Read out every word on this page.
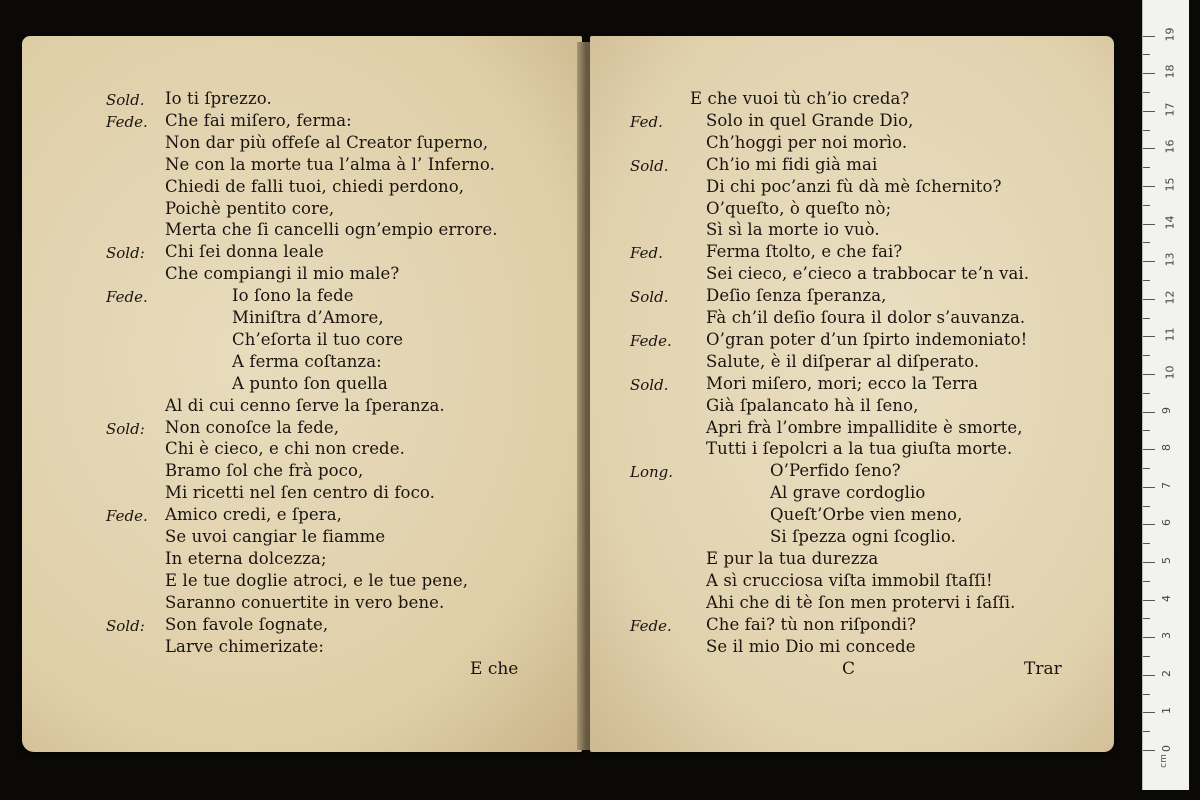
Sold. Io ti ſprezzo.
Fede. Che fai miſero, ferma:
Non dar più offeſe al Creator ſuperno,
Ne con la morte tua l’alma à l’ Inferno.
Chiedi de falli tuoi, chiedi perdono,
Poichè pentito core,
Merta che ſi cancelli ogn’empio errore.
Sold: Chi ſei donna leale
Che compiangi il mio male?
Fede.	Io ſono la fede
Miniſtra d’Amore,
Ch’eſorta il tuo core
A ferma coſtanza:
A punto ſon quella
Al di cui cenno ſerve la ſperanza.
Sold: Non conoſce la fede,
Chi è cieco, e chi non crede.
Bramo ſol che frà poco,
Mi ricetti nel ſen centro di foco.
Fede. Amico credi, e ſpera,
Se uvoi cangiar le fiamme
In eterna dolcezza;
E le tue doglie atroci, e le tue pene,
Saranno conuertite in vero bene.
Sold: Son favole ſognate,
Larve chimerizate:
E che
E che vuoi tù ch’io creda?
Fed.	Solo in quel Grande Dio,
Ch’hoggi per noi morìo.
Sold. Ch’io mi fidi già mai
Di chi poc’anzi fù dà mè ſchernito?
O’queſto, ò queſto nò;
Sì sì la morte io vuò.
Fed.	Ferma ſtolto, e che fai?
Sei cieco, e’cieco a trabbocar te’n vai.
Sold. Deſio ſenza ſperanza,
Fà ch’il deſio ſoura il dolor s’auvanza.
Fede. O’gran poter d’un ſpirto indemoniato!
Salute, è il diſperar al diſperato.
Sold. Mori miſero, mori; ecco la Terra
Già ſpalancato hà il ſeno,
Apri frà l’ombre impallidite è smorte,
Tutti i ſepolcri a la tua giuſta morte.
Long.	O’Perfido ſeno?
Al grave cordoglio
Queſt’Orbe vien meno,
Si ſpezza ogni ſcoglio.
E pur la tua durezza
A sì crucciosa viſta immobil ſtaſſi!
Ahi che di tè ſon men protervi i ſaſſi.
Fede. Che fai? tù non riſpondi?
Se il mio Dio mi concede
C	Trar
cm
0
1
2
3
4
5
6
7
8
9
10
11
12
13
14
15
16
17
18
19
